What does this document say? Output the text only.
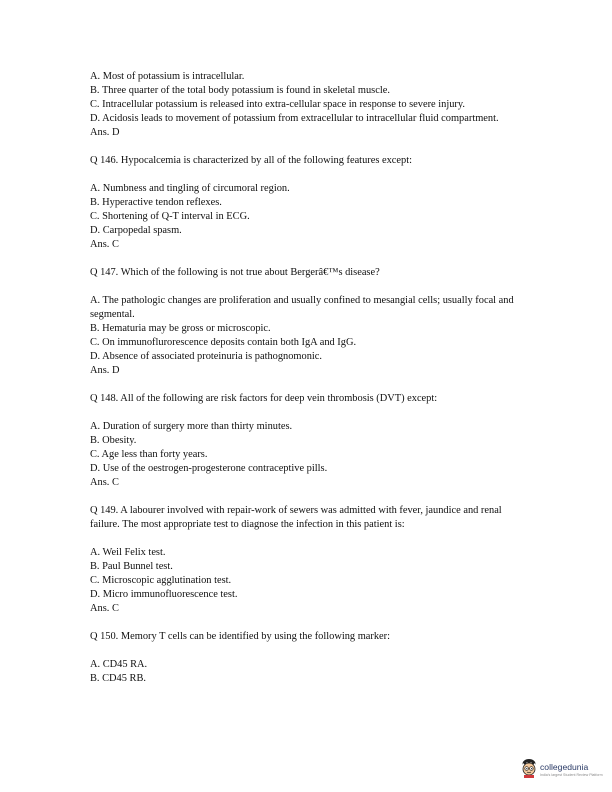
A. Most of potassium is intracellular.
B. Three quarter of the total body potassium is found in skeletal muscle.
C. Intracellular potassium is released into extra-cellular space in response to severe injury.
D. Acidosis leads to movement of potassium from extracellular to intracellular fluid compartment.
Ans. D
Q 146. Hypocalcemia is characterized by all of the following features except:
A. Numbness and tingling of circumoral region.
B. Hyperactive tendon reflexes.
C. Shortening of Q-T interval in ECG.
D. Carpopedal spasm.
Ans. C
Q 147. Which of the following is not true about Bergerâ€™s disease?
A. The pathologic changes are proliferation and usually confined to mesangial cells; usually focal and segmental.
B. Hematuria may be gross or microscopic.
C. On immunoflurorescence deposits contain both IgA and IgG.
D. Absence of associated proteinuria is pathognomonic.
Ans. D
Q 148. All of the following are risk factors for deep vein thrombosis (DVT) except:
A. Duration of surgery more than thirty minutes.
B. Obesity.
C. Age less than forty years.
D. Use of the oestrogen-progesterone contraceptive pills.
Ans. C
Q 149. A labourer involved with repair-work of sewers was admitted with fever, jaundice and renal failure. The most appropriate test to diagnose the infection in this patient is:
A. Weil Felix test.
B. Paul Bunnel test.
C. Microscopic agglutination test.
D. Micro immunofluorescence test.
Ans. C
Q 150. Memory T cells can be identified by using the following marker:
A. CD45 RA.
B. CD45 RB.
collegedunia
India's largest Student Review Platform
